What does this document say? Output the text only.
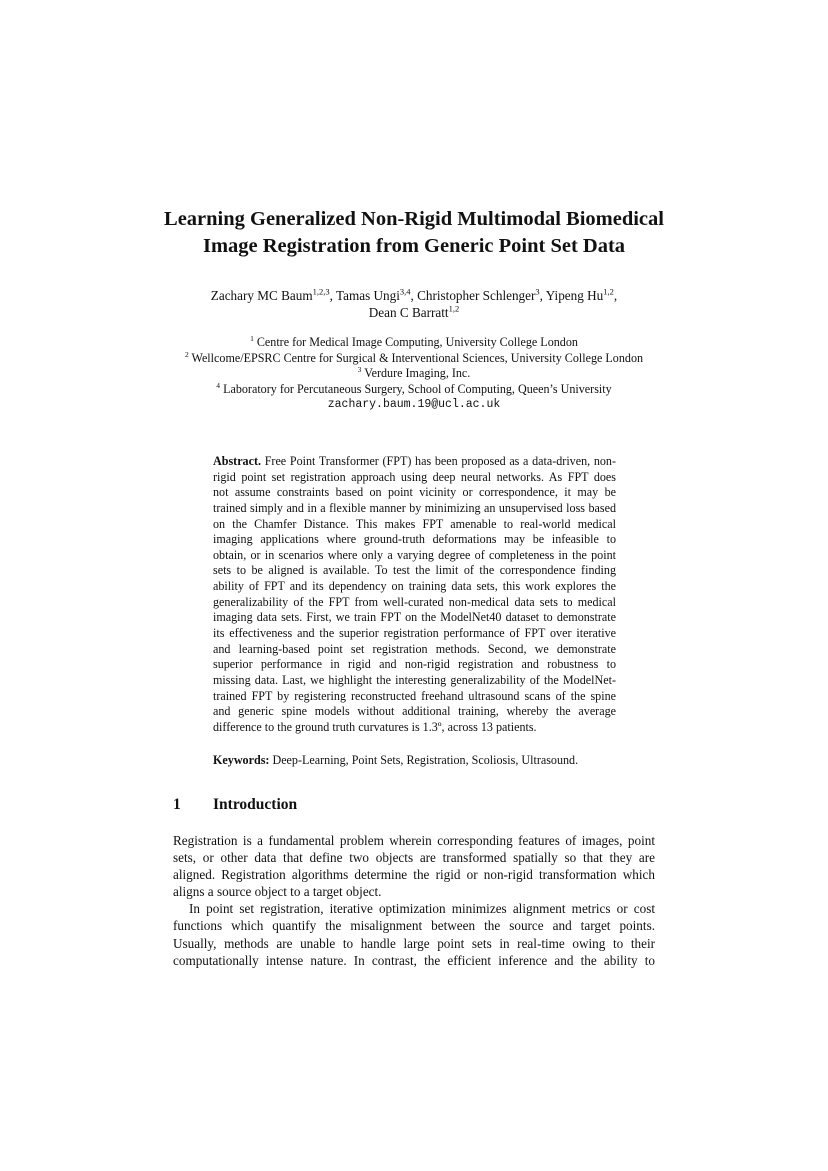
Learning Generalized Non-Rigid Multimodal Biomedical
Image Registration from Generic Point Set Data
Zachary MC Baum$^{1,2,3}$, Tamas Ungi$^{3,4}$, Christopher Schlenger$^3$, Yipeng Hu$^{1,2}$,
Dean C Barratt$^{1,2}$
$^1$ Centre for Medical Image Computing, University College London
$^2$ Wellcome/EPSRC Centre for Surgical & Interventional Sciences, University College London
$^3$ Verdure Imaging, Inc.
$^4$ Laboratory for Percutaneous Surgery, School of Computing, Queen’s University
zachary.baum.19@ucl.ac.uk
Abstract. Free Point Transformer (FPT) has been proposed as a data-driven, non-
rigid point set registration approach using deep neural networks. As FPT does
not assume constraints based on point vicinity or correspondence, it may be
trained simply and in a flexible manner by minimizing an unsupervised loss based
on the Chamfer Distance. This makes FPT amenable to real-world medical
imaging applications where ground-truth deformations may be infeasible to
obtain, or in scenarios where only a varying degree of completeness in the point
sets to be aligned is available. To test the limit of the correspondence finding
ability of FPT and its dependency on training data sets, this work explores the
generalizability of the FPT from well-curated non-medical data sets to medical
imaging data sets. First, we train FPT on the ModelNet40 dataset to demonstrate
its effectiveness and the superior registration performance of FPT over iterative
and learning-based point set registration methods. Second, we demonstrate
superior performance in rigid and non-rigid registration and robustness to
missing data. Last, we highlight the interesting generalizability of the ModelNet-
trained FPT by registering reconstructed freehand ultrasound scans of the spine
and generic spine models without additional training, whereby the average
difference to the ground truth curvatures is 1.3º, across 13 patients.
Keywords: Deep-Learning, Point Sets, Registration, Scoliosis, Ultrasound.
1 Introduction
Registration is a fundamental problem wherein corresponding features of images, point
sets, or other data that define two objects are transformed spatially so that they are
aligned. Registration algorithms determine the rigid or non-rigid transformation which
aligns a source object to a target object.
In point set registration, iterative optimization minimizes alignment metrics or cost
functions which quantify the misalignment between the source and target points.
Usually, methods are unable to handle large point sets in real-time owing to their
computationally intense nature. In contrast, the efficient inference and the ability to
